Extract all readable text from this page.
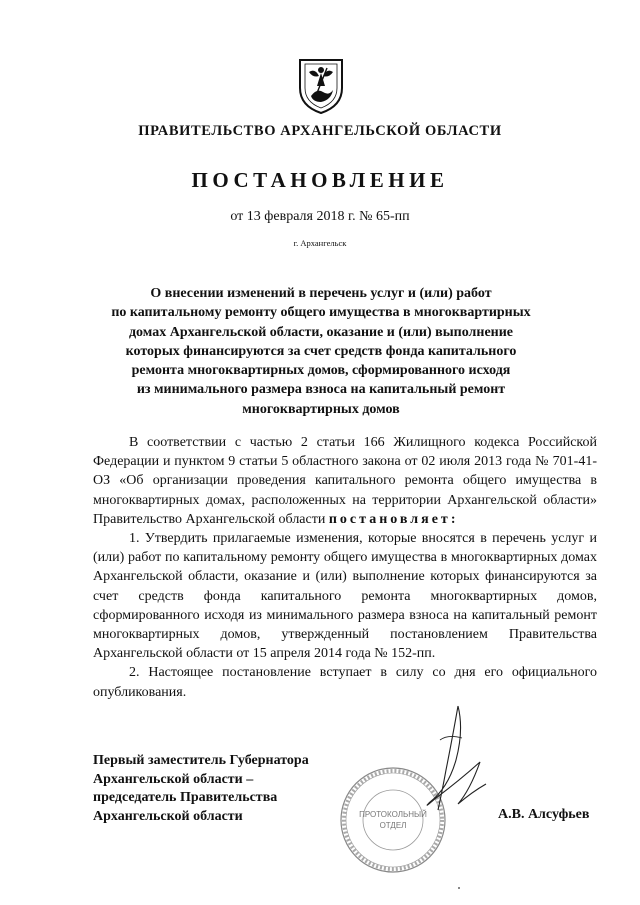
ПРАВИТЕЛЬСТВО АРХАНГЕЛЬСКОЙ ОБЛАСТИ
ПОСТАНОВЛЕНИЕ
от 13 февраля 2018 г. № 65-пп
г. Архангельск
О внесении изменений в перечень услуг и (или) работ
по капитальному ремонту общего имущества в многоквартирных
домах Архангельской области, оказание и (или) выполнение
которых финансируются за счет средств фонда капитального
ремонта многоквартирных домов, сформированного исходя
из минимального размера взноса на капитальный ремонт
многоквартирных домов

В соответствии с частью 2 статьи 166 Жилищного кодекса Российской Федерации и пунктом 9 статьи 5 областного закона от 02 июля 2013 года № 701-41-ОЗ «Об организации проведения капитального ремонта общего имущества в многоквартирных домах, расположенных на территории Архангельской области» Правительство Архангельской области постановляет:

1. Утвердить прилагаемые изменения, которые вносятся в перечень услуг и (или) работ по капитальному ремонту общего имущества в многоквартирных домах Архангельской области, оказание и (или) выполнение которых финансируются за счет средств фонда капитального ремонта многоквартирных домов, сформированного исходя из минимального размера взноса на капитальный ремонт многоквартирных домов, утвержденный постановлением Правительства Архангельской области от 15 апреля 2014 года № 152-пп.

2. Настоящее постановление вступает в силу со дня его официального опубликования.

Первый заместитель Губернатора
Архангельской области –
председатель Правительства
Архангельской области	ПРОТОКОЛЬНЫЙ
ОТДЕЛ
А.В. Алсуфьев
